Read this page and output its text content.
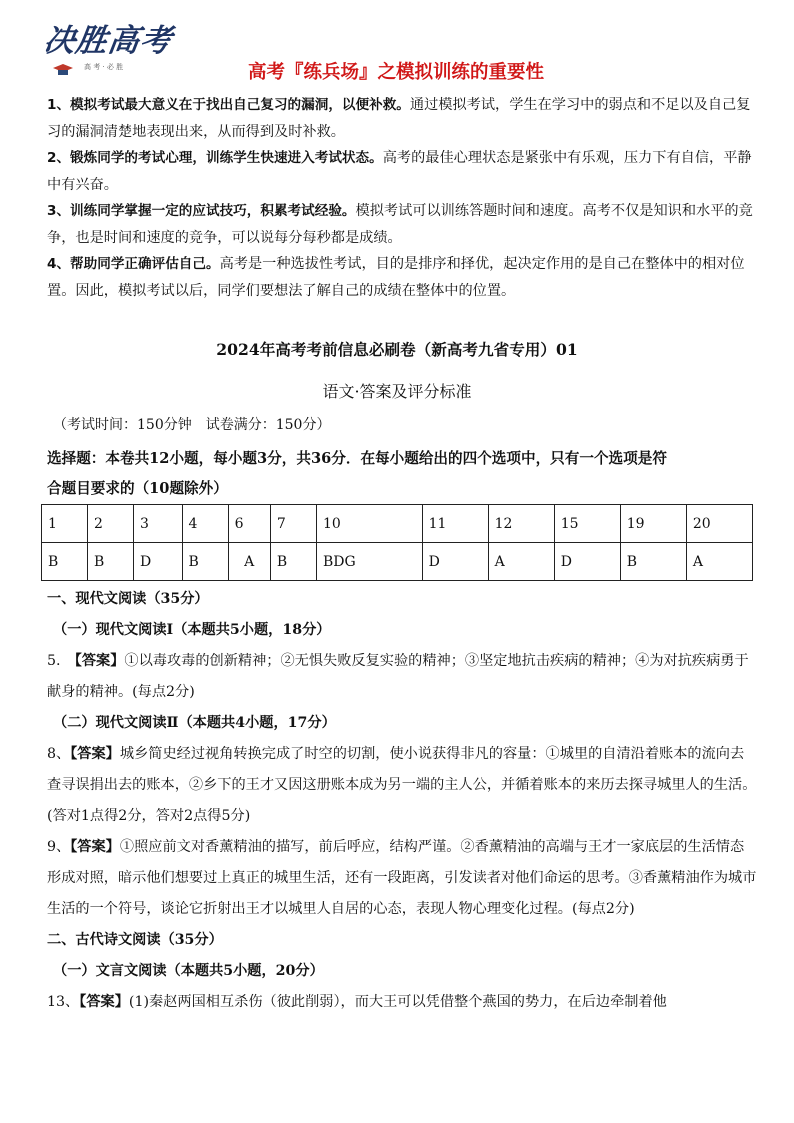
决胜高考
高 考 · 必 胜	高考『练兵场』之模拟训练的重要性

1、模拟考试最大意义在于找出自己复习的漏洞，以便补救。通过模拟考试，学生在学习中的弱点和不足以及自己复习的漏洞清楚地表现出来，从而得到及时补救。

2、锻炼同学的考试心理，训练学生快速进入考试状态。高考的最佳心理状态是紧张中有乐观，压力下有自信，平静中有兴奋。

3、训练同学掌握一定的应试技巧，积累考试经验。模拟考试可以训练答题时间和速度。高考不仅是知识和水平的竞争，也是时间和速度的竞争，可以说每分每秒都是成绩。

4、帮助同学正确评估自己。高考是一种选拔性考试，目的是排序和择优，起决定作用的是自己在整体中的相对位置。因此，模拟考试以后，同学们要想法了解自己的成绩在整体中的位置。

2024年高考考前信息必刷卷（新高考九省专用）01
语文·答案及评分标准
（考试时间：150分钟　试卷满分：150分）

选择题：本卷共12小题，每小题3分，共36分．在每小题给出的四个选项中，只有一个选项是符

合题目要求的（10题除外）

1	2	3	4	6	7	10	11	12	15	19	20
B	B	D	B	A	B	BDG	D	A	D	B	A

一、现代文阅读（35分）

（一）现代文阅读Ⅰ（本题共5小题，18分）

5.　【答案】①以毒攻毒的创新精神；②无惧失败反复实验的精神；③坚定地抗击疾病的精神；④为对抗疾病勇于献身的精神。(每点2分)

（二）现代文阅读Ⅱ（本题共4小题，17分）

8、【答案】城乡简史经过视角转换完成了时空的切割，使小说获得非凡的容量：①城里的自清沿着账本的流向去查寻误捐出去的账本，②乡下的王才又因这册账本成为另一端的主人公，并循着账本的来历去探寻城里人的生活。(答对1点得2分，答对2点得5分)

9、【答案】①照应前文对香薰精油的描写，前后呼应，结构严谨。②香薰精油的高端与王才一家底层的生活情态形成对照，暗示他们想要过上真正的城里生活，还有一段距离，引发读者对他们命运的思考。③香薰精油作为城市生活的一个符号，谈论它折射出王才以城里人自居的心态，表现人物心理变化过程。(每点2分)

二、古代诗文阅读（35分）

（一）文言文阅读（本题共5小题，20分）

13、【答案】(1)秦赵两国相互杀伤（彼此削弱），而大王可以凭借整个燕国的势力，在后边牵制着他
